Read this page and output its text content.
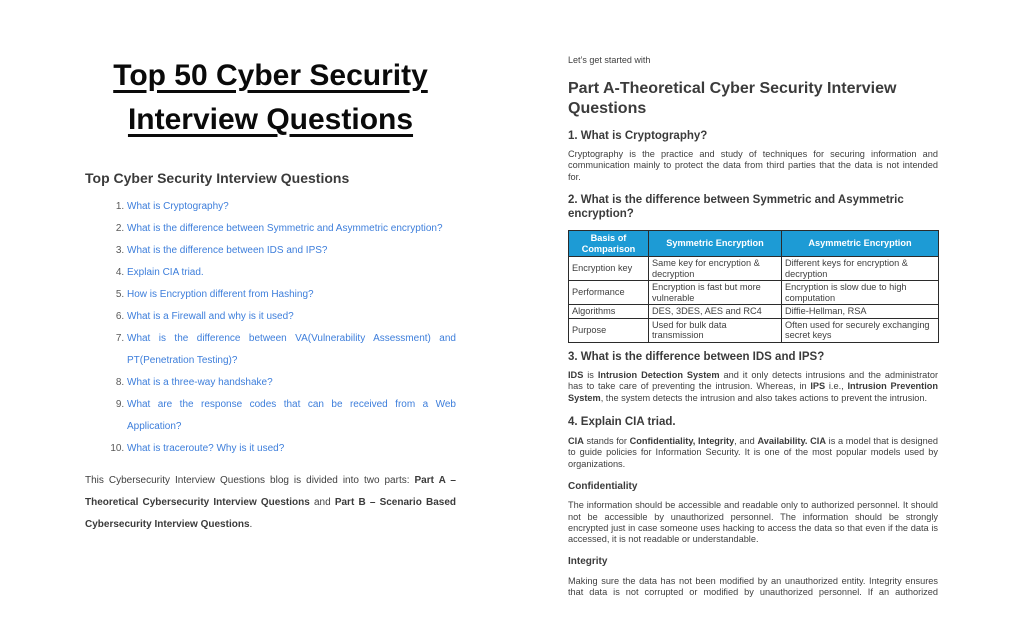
Top 50 Cyber Security
Interview Questions
Top Cyber Security Interview Questions
1. What is Cryptography?
2. What is the difference between Symmetric and Asymmetric encryption?
3. What is the difference between IDS and IPS?
4. Explain CIA triad.
5. How is Encryption different from Hashing?
6. What is a Firewall and why is it used?
7. What is the difference between VA(Vulnerability Assessment) and PT(Penetration Testing)?
8. What is a three-way handshake?
9. What are the response codes that can be received from a Web Application?
10. What is traceroute? Why is it used?

This Cybersecurity Interview Questions blog is divided into two parts: Part A – Theoretical Cybersecurity Interview Questions and Part B – Scenario Based Cybersecurity Interview Questions.

Let’s get started with

Part A-Theoretical Cyber Security Interview Questions
1. What is Cryptography?

Cryptography is the practice and study of techniques for securing information and communication mainly to protect the data from third parties that the data is not intended for.

2. What is the difference between Symmetric and Asymmetric encryption?
Basis of Comparison	Symmetric Encryption	Asymmetric Encryption
Encryption key	Same key for encryption & decryption	Different keys for encryption & decryption
Performance	Encryption is fast but more vulnerable	Encryption is slow due to high computation
Algorithms	DES, 3DES, AES and RC4	Diffie-Hellman, RSA
Purpose	Used for bulk data transmission	Often used for securely exchanging secret keys
3. What is the difference between IDS and IPS?

IDS is Intrusion Detection System and it only detects intrusions and the administrator has to take care of preventing the intrusion. Whereas, in IPS i.e., Intrusion Prevention System, the system detects the intrusion and also takes actions to prevent the intrusion.

4. Explain CIA triad.

CIA stands for Confidentiality, Integrity, and Availability. CIA is a model that is designed to guide policies for Information Security. It is one of the most popular models used by organizations.

Confidentiality

The information should be accessible and readable only to authorized personnel. It should not be accessible by unauthorized personnel. The information should be strongly encrypted just in case someone uses hacking to access the data so that even if the data is accessed, it is not readable or understandable.

Integrity

Making sure the data has not been modified by an unauthorized entity. Integrity ensures
that data is not corrupted or modified by unauthorized personnel. If an authorized
